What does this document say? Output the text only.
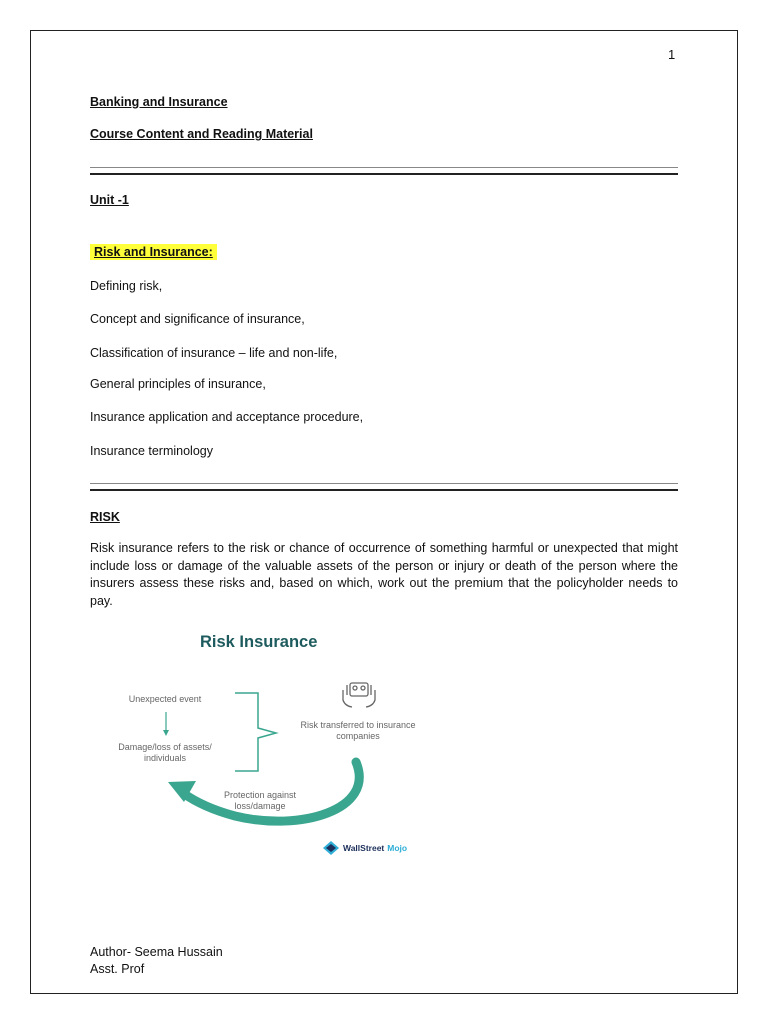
1
Banking and Insurance
Course Content and Reading Material
Unit -1
Risk and Insurance:
Defining risk,
Concept and significance of insurance,
Classification of insurance – life and non-life,
General principles of insurance,
Insurance application and acceptance procedure,
Insurance terminology
RISK
Risk insurance refers to the risk or chance of occurrence of something harmful or unexpected that might include loss or damage of the valuable assets of the person or injury or death of the person where the insurers assess these risks and, based on which, work out the premium that the policyholder needs to pay.
Risk Insurance
Unexpected event
Damage/loss of assets/
individuals
Risk transferred to insurance
companies
Protection against
loss/damage
WallStreet Mojo
Author- Seema Hussain
Asst. Prof
